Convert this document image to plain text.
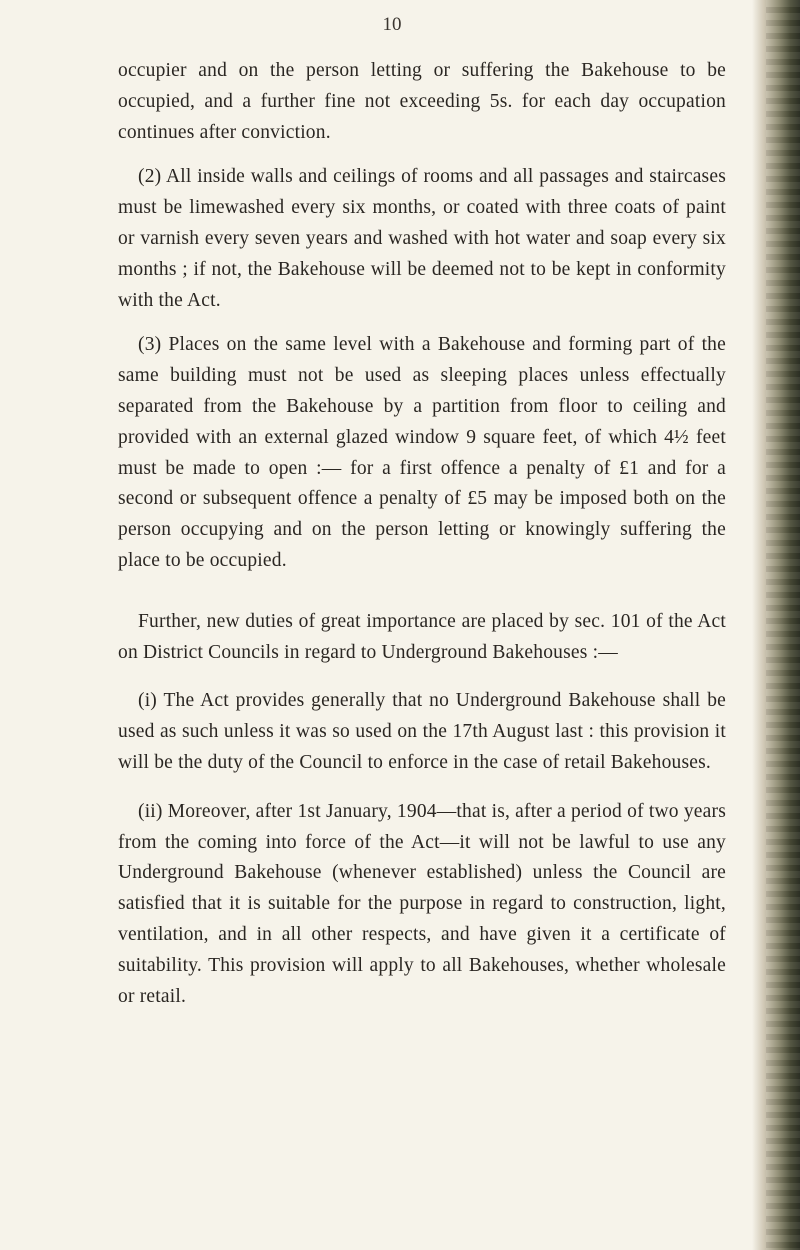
10

occupier and on the person letting or suffering the Bakehouse to be occupied, and a further fine not exceeding 5s. for each day occupation continues after conviction.

(2) All inside walls and ceilings of rooms and all passages and staircases must be limewashed every six months, or coated with three coats of paint or varnish every seven years and washed with hot water and soap every six months ; if not, the Bakehouse will be deemed not to be kept in conformity with the Act.

(3) Places on the same level with a Bakehouse and forming part of the same building must not be used as sleeping places unless effectually separated from the Bakehouse by a partition from floor to ceiling and provided with an external glazed window 9 square feet, of which 4½ feet must be made to open :— for a first offence a penalty of £1 and for a second or subsequent offence a penalty of £5 may be imposed both on the person occupying and on the person letting or knowingly suffering the place to be occupied.

Further, new duties of great importance are placed by sec. 101 of the Act on District Councils in regard to Underground Bakehouses :—

(i) The Act provides generally that no Underground Bakehouse shall be used as such unless it was so used on the 17th August last : this provision it will be the duty of the Council to enforce in the case of retail Bakehouses.

(ii) Moreover, after 1st January, 1904—that is, after a period of two years from the coming into force of the Act—it will not be lawful to use any Underground Bakehouse (whenever established) unless the Council are satisfied that it is suitable for the purpose in regard to construction, light, ventilation, and in all other respects, and have given it a certificate of suitability. This provision will apply to all Bakehouses, whether wholesale or retail.
